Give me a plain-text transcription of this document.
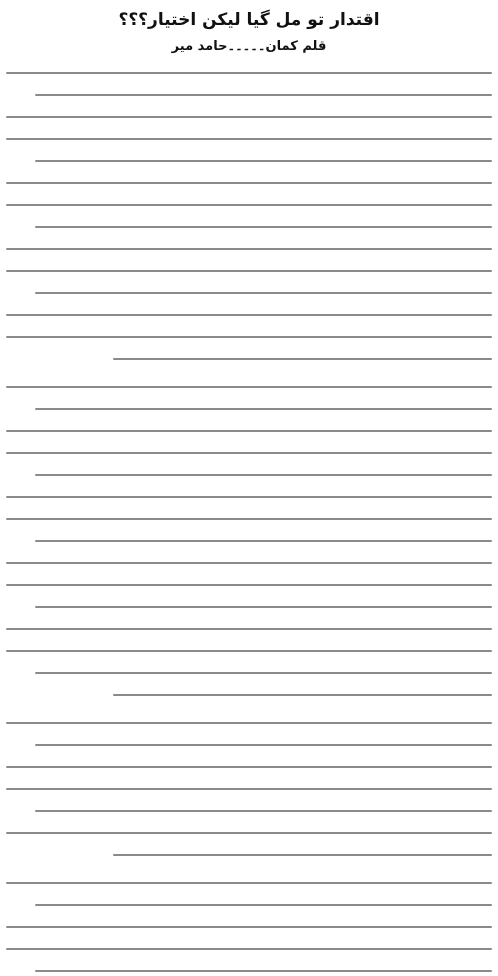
اقتدار تو مل گیا لیکن اختیار؟؟؟
قلم کمان۔۔۔۔۔حامد میر
